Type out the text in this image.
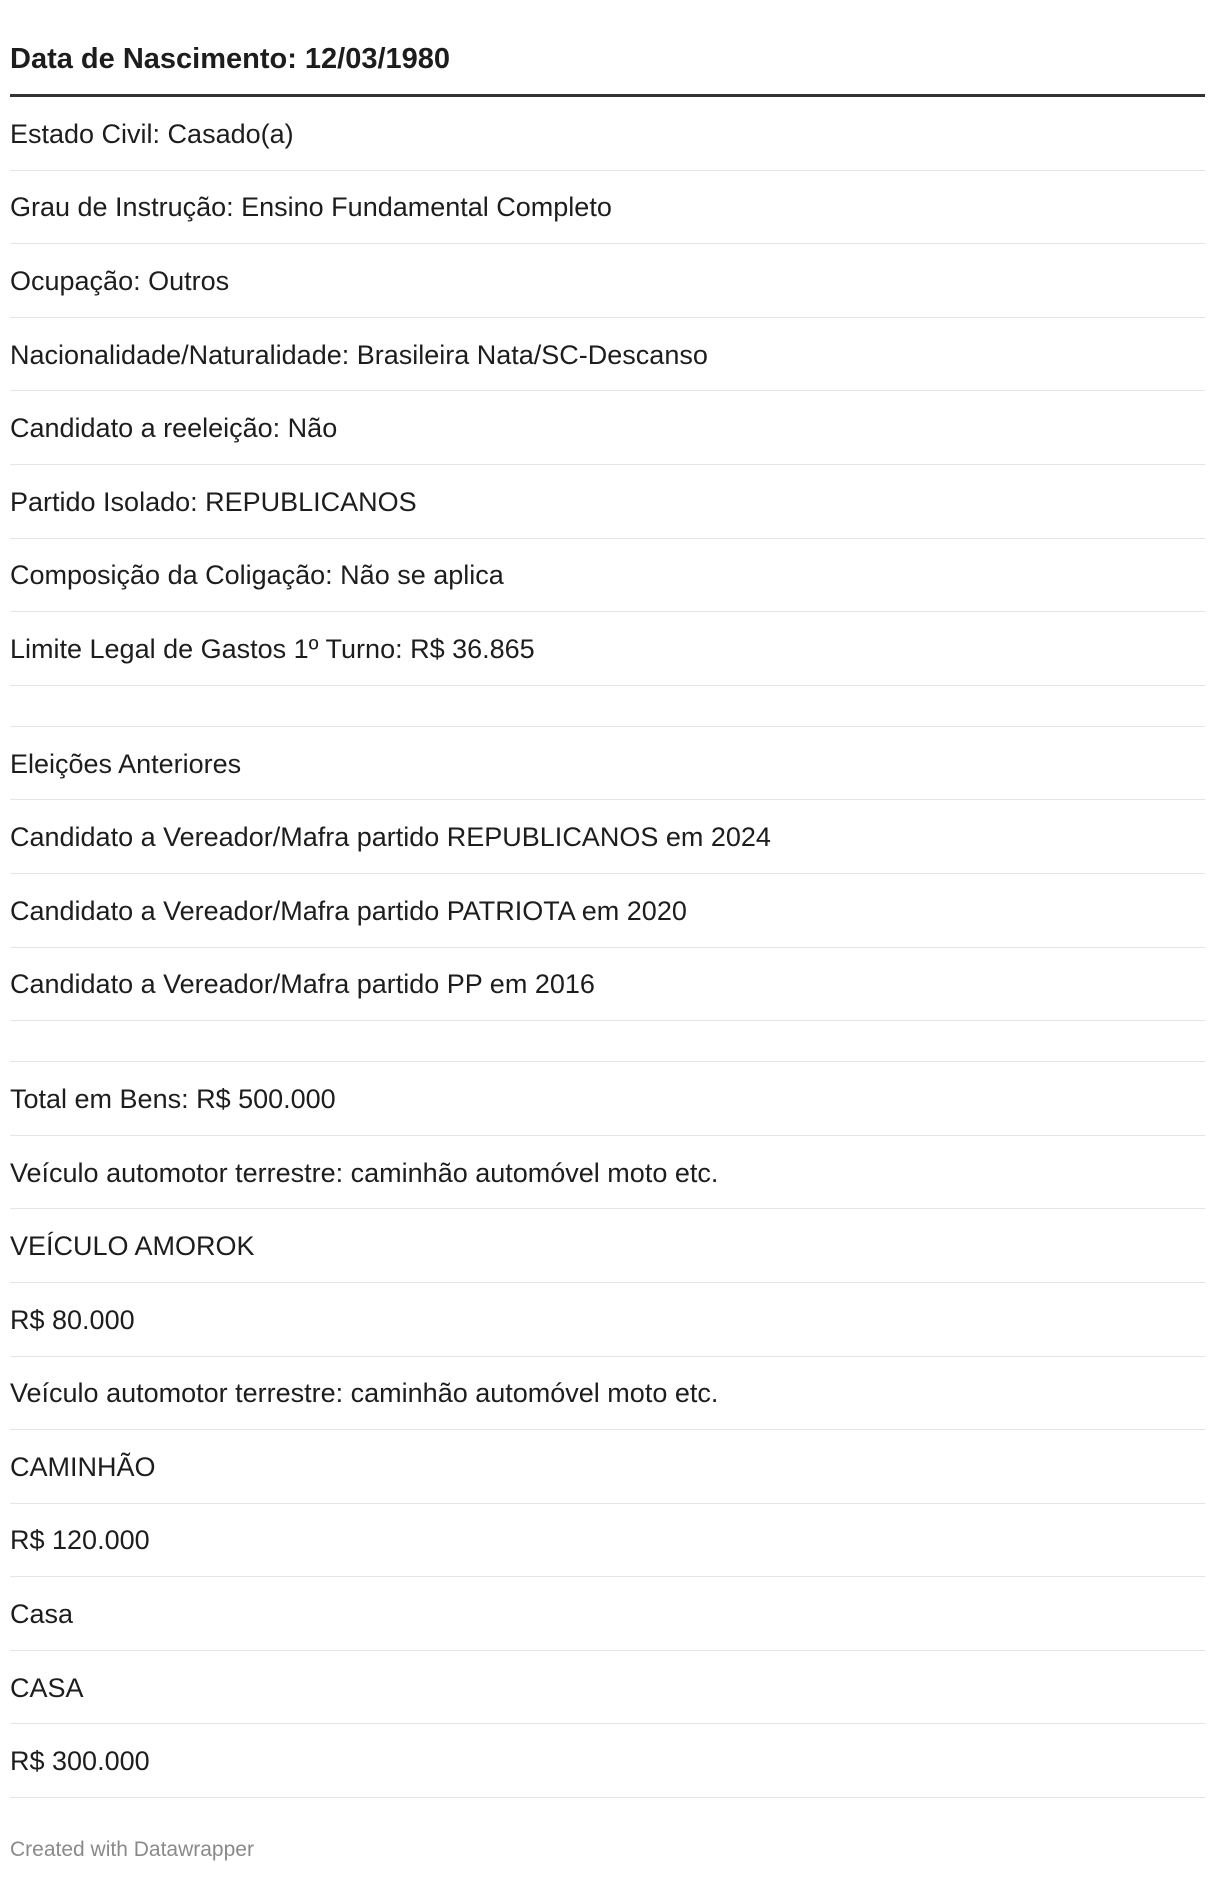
Data de Nascimento: 12/03/1980
Estado Civil: Casado(a)
Grau de Instrução: Ensino Fundamental Completo
Ocupação: Outros
Nacionalidade/Naturalidade: Brasileira Nata/SC-Descanso
Candidato a reeleição: Não
Partido Isolado: REPUBLICANOS
Composição da Coligação: Não se aplica
Limite Legal de Gastos 1º Turno: R$ 36.865
Eleições Anteriores
Candidato a Vereador/Mafra partido REPUBLICANOS em 2024
Candidato a Vereador/Mafra partido PATRIOTA em 2020
Candidato a Vereador/Mafra partido PP em 2016
Total em Bens: R$ 500.000
Veículo automotor terrestre: caminhão automóvel moto etc.
VEÍCULO AMOROK
R$ 80.000
Veículo automotor terrestre: caminhão automóvel moto etc.
CAMINHÃO
R$ 120.000
Casa
CASA
R$ 300.000
Created with Datawrapper
